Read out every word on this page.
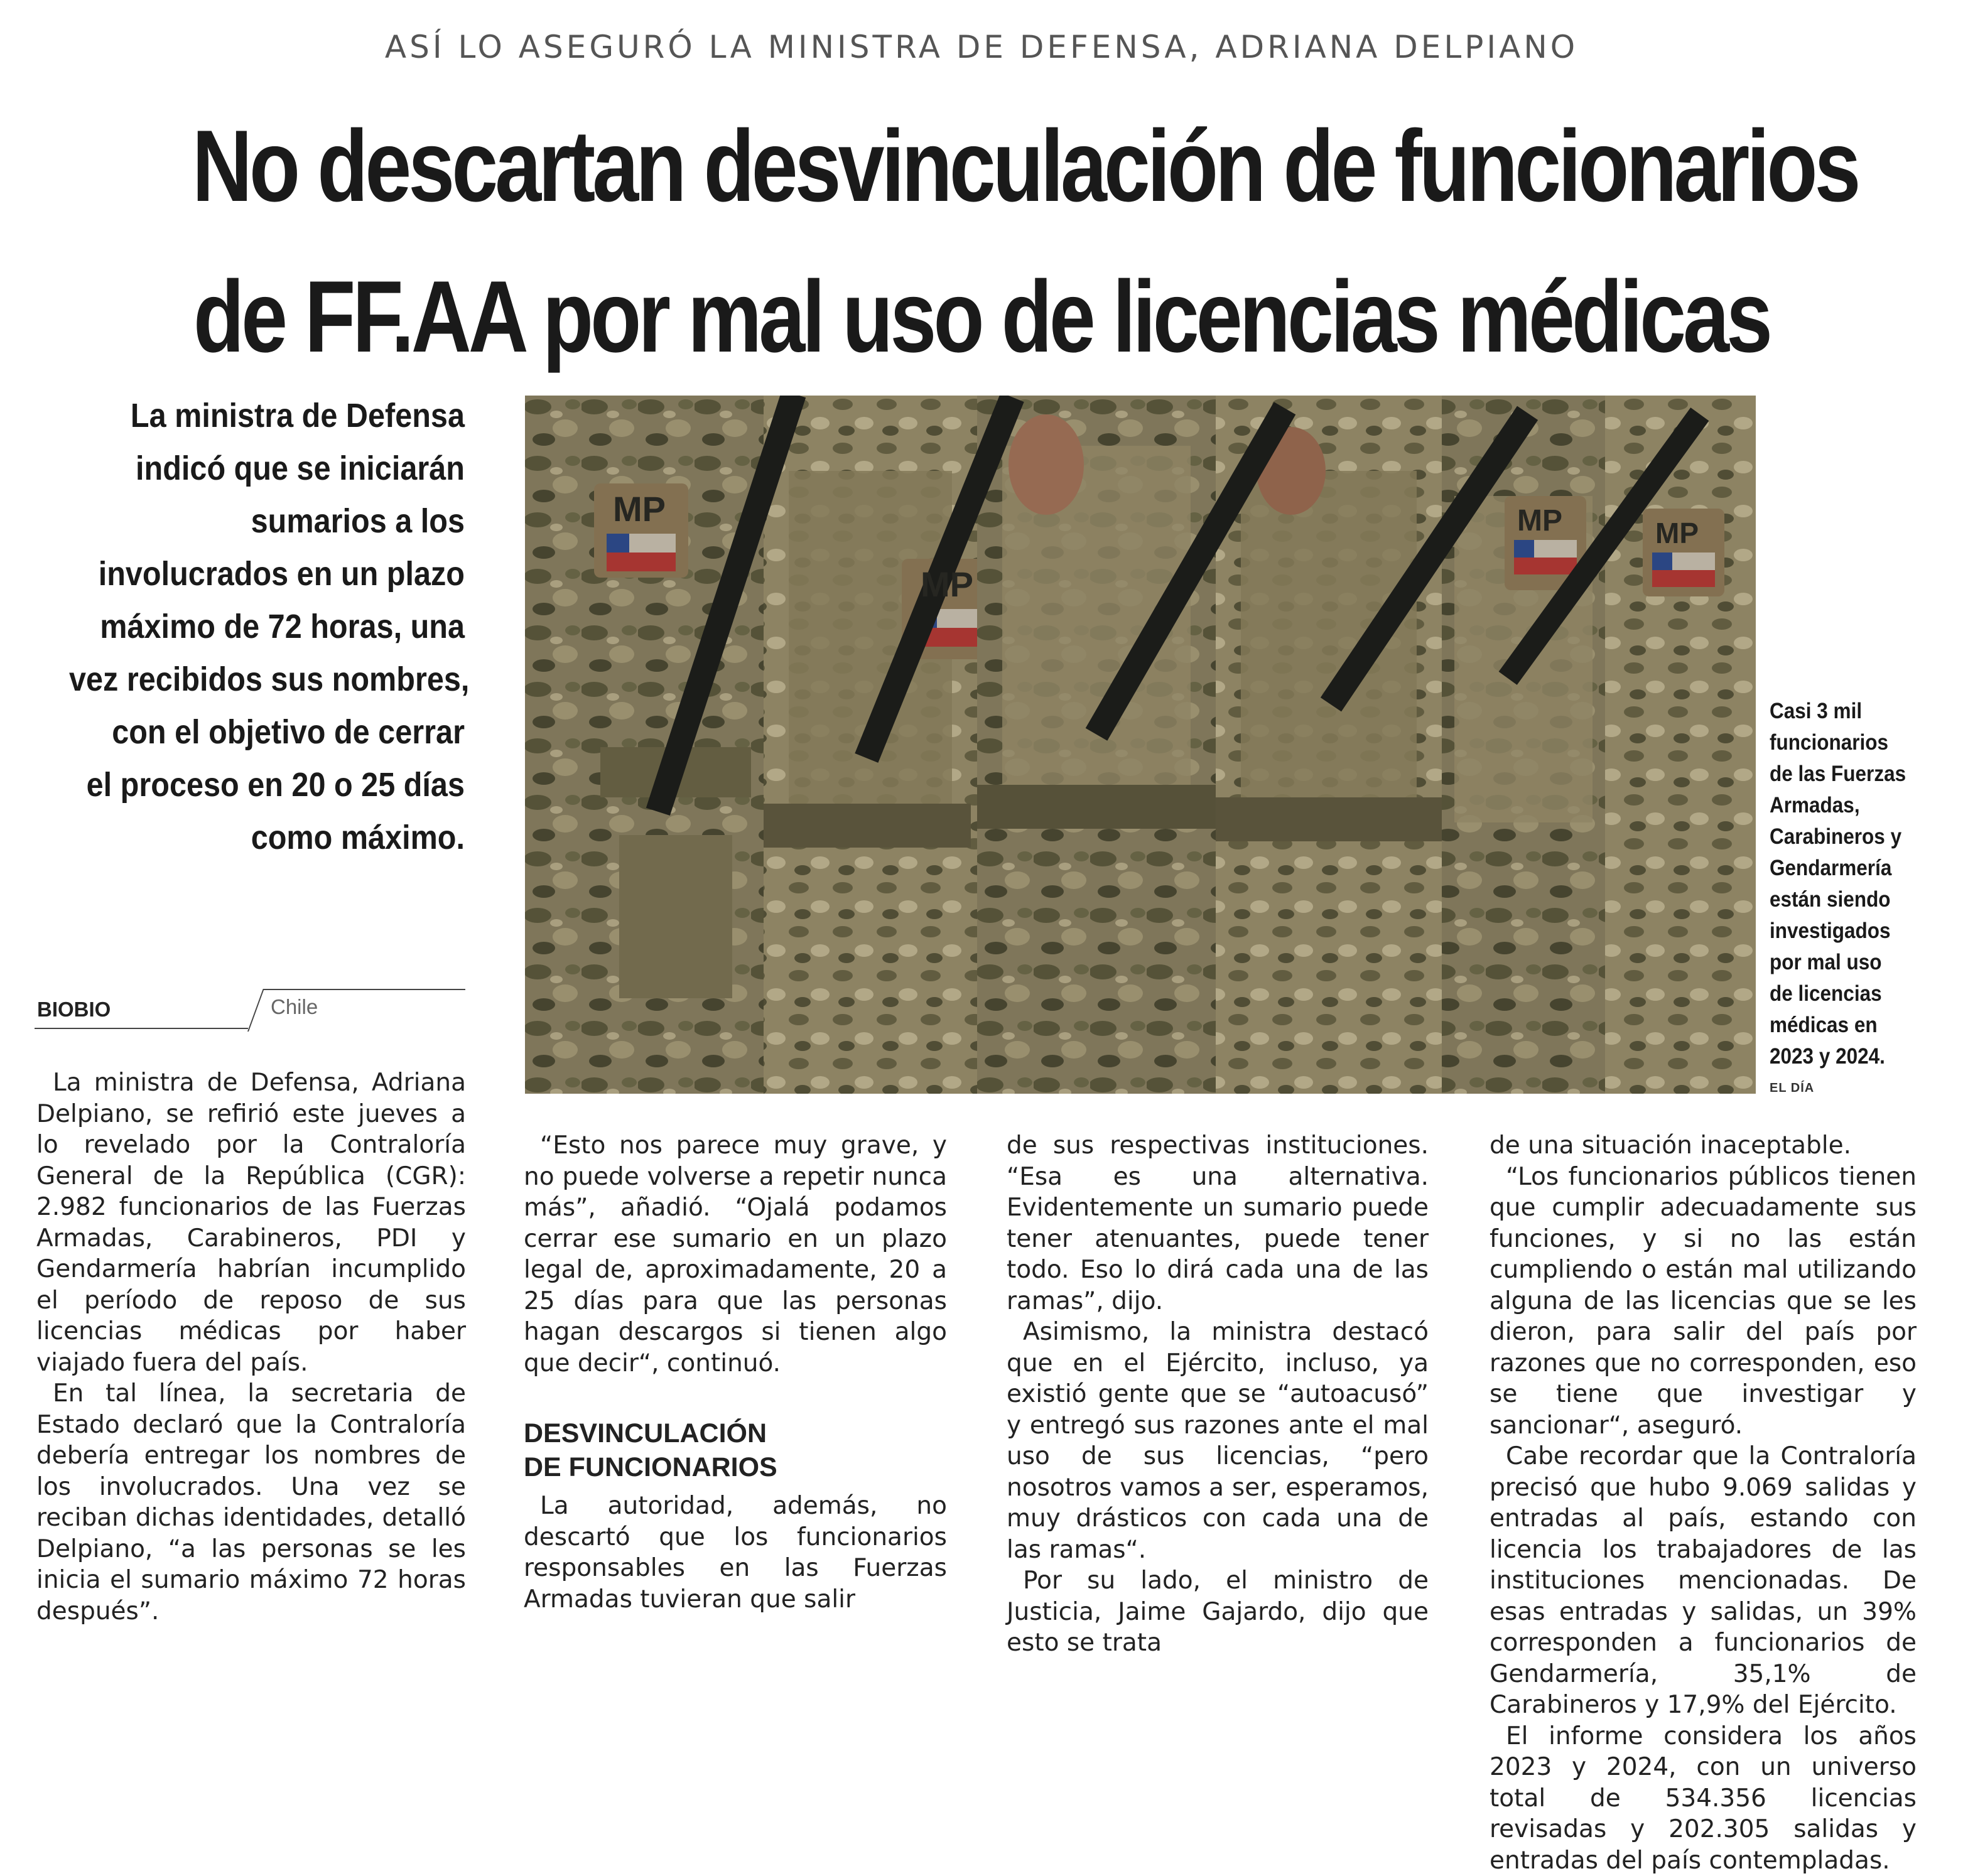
ASÍ LO ASEGURÓ LA MINISTRA DE DEFENSA, ADRIANA DELPIANO
No descartan desvinculación de funcionarios
de FF.AA por mal uso de licencias médicas
La ministra de Defensa
indicó que se iniciarán
sumarios a los
involucrados en un plazo
máximo de 72 horas, una
vez recibidos sus nombres,
con el objetivo de cerrar
el proceso en 20 o 25 días
como máximo.
MP
MP
MP	MP
Casi 3 mil
funcionarios
de las Fuerzas
Armadas,
Carabineros y
Gendarmería
están siendo
investigados
por mal uso
de licencias
médicas en
2023 y 2024.
EL DÍA
BIOBIO	Chile

La ministra de Defensa, Adriana Delpiano, se refirió este jueves a lo revelado por la Contraloría General de la República (CGR): 2.982 funcionarios de las Fuerzas Armadas, Carabineros, PDI y Gendarmería habrían incumplido el período de reposo de sus licencias médicas por haber viajado fuera del país.

En tal línea, la secretaria de Estado declaró que la Contraloría debería entregar los nombres de los involucrados. Una vez se reciban dichas identidades, detalló Delpiano, “a las personas se les inicia el sumario máximo 72 horas después”.

“Esto nos parece muy grave, y no puede volverse a repetir nunca más”, añadió. “Ojalá podamos cerrar ese sumario en un plazo legal de, aproximadamente, 20 a 25 días para que las personas hagan descargos si tienen algo que decir“, continuó.

DESVINCULACIÓN
DE FUNCIONARIOS

La autoridad, además, no descartó que los funcionarios responsables en las Fuerzas Armadas tuvieran que salir

de sus respectivas instituciones. “Esa es una alternativa. Evidentemente un sumario puede tener atenuantes, puede tener todo. Eso lo dirá cada una de las ramas”, dijo.

Asimismo, la ministra destacó que en el Ejército, incluso, ya existió gente que se “autoacusó” y entregó sus razones ante el mal uso de sus licencias, “pero nosotros vamos a ser, esperamos, muy drásticos con cada una de las ramas“.

Por su lado, el ministro de Justicia, Jaime Gajardo, dijo que esto se trata

de una situación inaceptable.

“Los funcionarios públicos tienen que cumplir adecuadamente sus funciones, y si no las están cumpliendo o están mal utilizando alguna de las licencias que se les dieron, para salir del país por razones que no corresponden, eso se tiene que investigar y sancionar“, aseguró.

Cabe recordar que la Contraloría precisó que hubo 9.069 salidas y entradas al país, estando con licencia los trabajadores de las instituciones mencionadas. De esas entradas y salidas, un 39% corresponden a funcionarios de Gendarmería, 35,1% de Carabineros y 17,9% del Ejército.

El informe considera los años 2023 y 2024, con un universo total de 534.356 licencias revisadas y 202.305 salidas y entradas del país contempladas.
